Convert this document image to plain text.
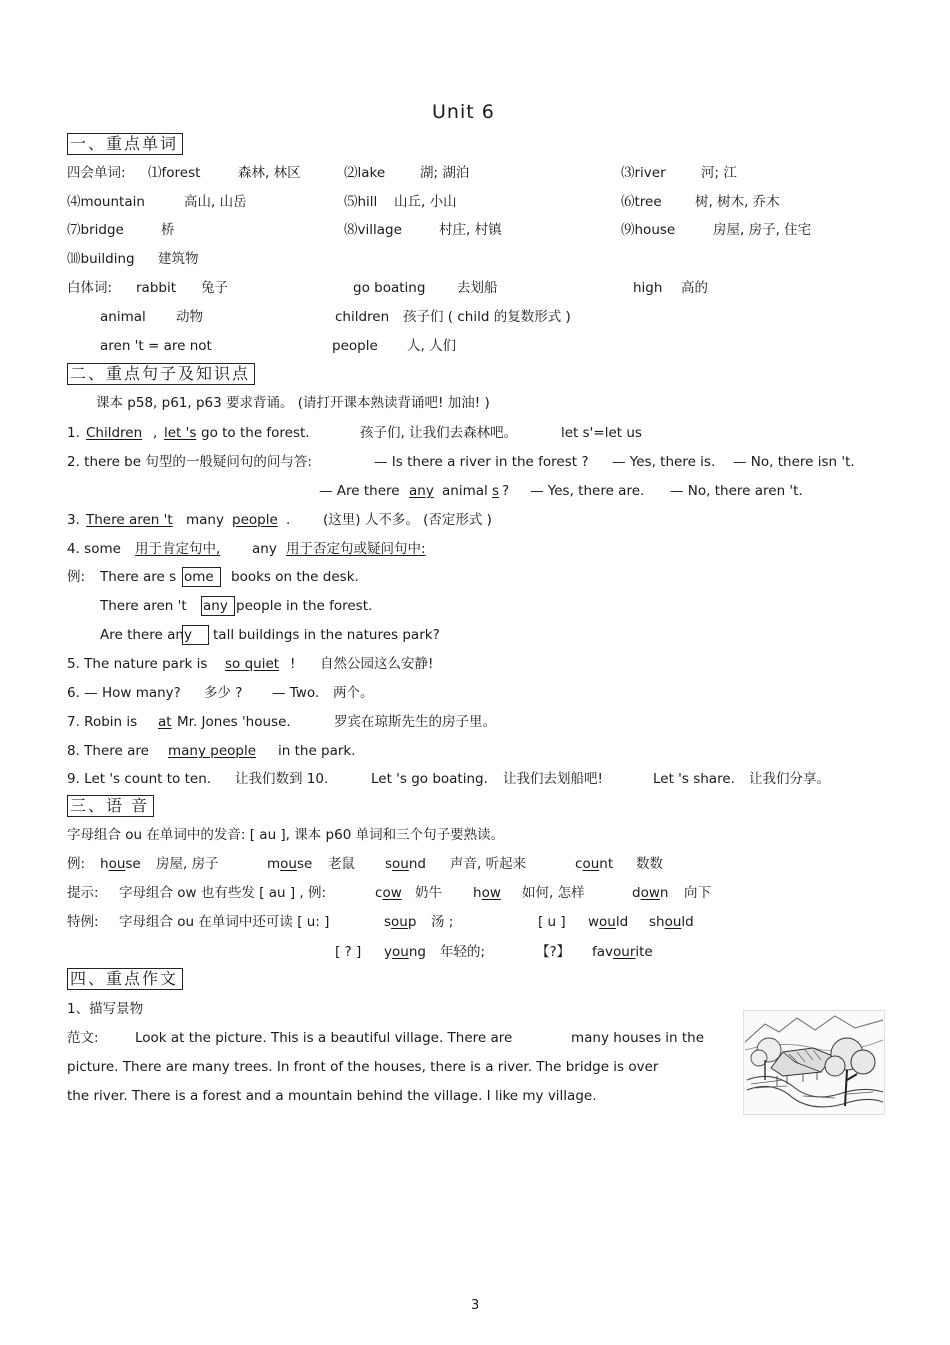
Unit 6
一、重点单词
四会单词: ⑴forest	森林, 林区	⑵lake	湖; 湖泊	⑶river	河; 江
⑷mountain	高山, 山岳	⑸hill 山丘, 小山	⑹tree 树, 树木, 乔木
⑺bridge	桥	⑻village	村庄, 村镇	⑼house	房屋, 房子, 住宅
⑽building 建筑物
白体词: rabbit 兔子	go boating 去划船	high 高的
animal 动物	children 孩子们 ( child 的复数形式 )
aren 't = are not	people 人, 人们
二、重点句子及知识点
课本 p58, p61, p63 要求背诵。 (请打开课本熟读背诵吧! 加油! )
1. Children , let 's go to the forest.	孩子们, 让我们去森林吧。	let s'=let us
2. there be 句型的一般疑问句的问与答:	— Is there a river in the forest ? — Yes, there is. — No, there isn 't.
— Are there any animal s ? — Yes, there are. — No, there aren 't.
3. There aren 't many people . (这里) 人不多。 (否定形式 )
4. some 用于肯定句中, any 用于否定句或疑问句中:
例: There are s ome	books on the desk.
There aren 't any people in the forest.
Are there an y	tall buildings in the natures park?
5. The nature park is so quiet ! 自然公园这么安静!
6. — How many? 多少 ? — Two. 两个。
7. Robin is at Mr. Jones 'house.	罗宾在琼斯先生的房子里。
8. There are many people in the park.
9. Let 's count to ten. 让我们数到 10.	Let 's go boating. 让我们去划船吧!	Let 's share. 让我们分享。
三、语 音
字母组合 ou 在单词中的发音: [ au ], 课本 p60 单词和三个句子要熟读。
例: house 房屋, 房子	mouse 老鼠 sound 声音, 听起来	count 数数
提示: 字母组合 ow 也有些发 [ au ] , 例:	cow 奶牛 how 如何, 怎样	down 向下
特例: 字母组合 ou 在单词中还可读 [ u: ]	soup 汤 ;	[ u ] would should
[ ? ] young 年轻的;	【?】 favourite
四、重点作文
1、描写景物
范文:	Look at the picture. This is a beautiful village. There are	many houses in the
picture. There are many trees. In front of the houses, there is a river. The bridge is over
the river. There is a forest and a mountain behind the village. I like my village.
3
